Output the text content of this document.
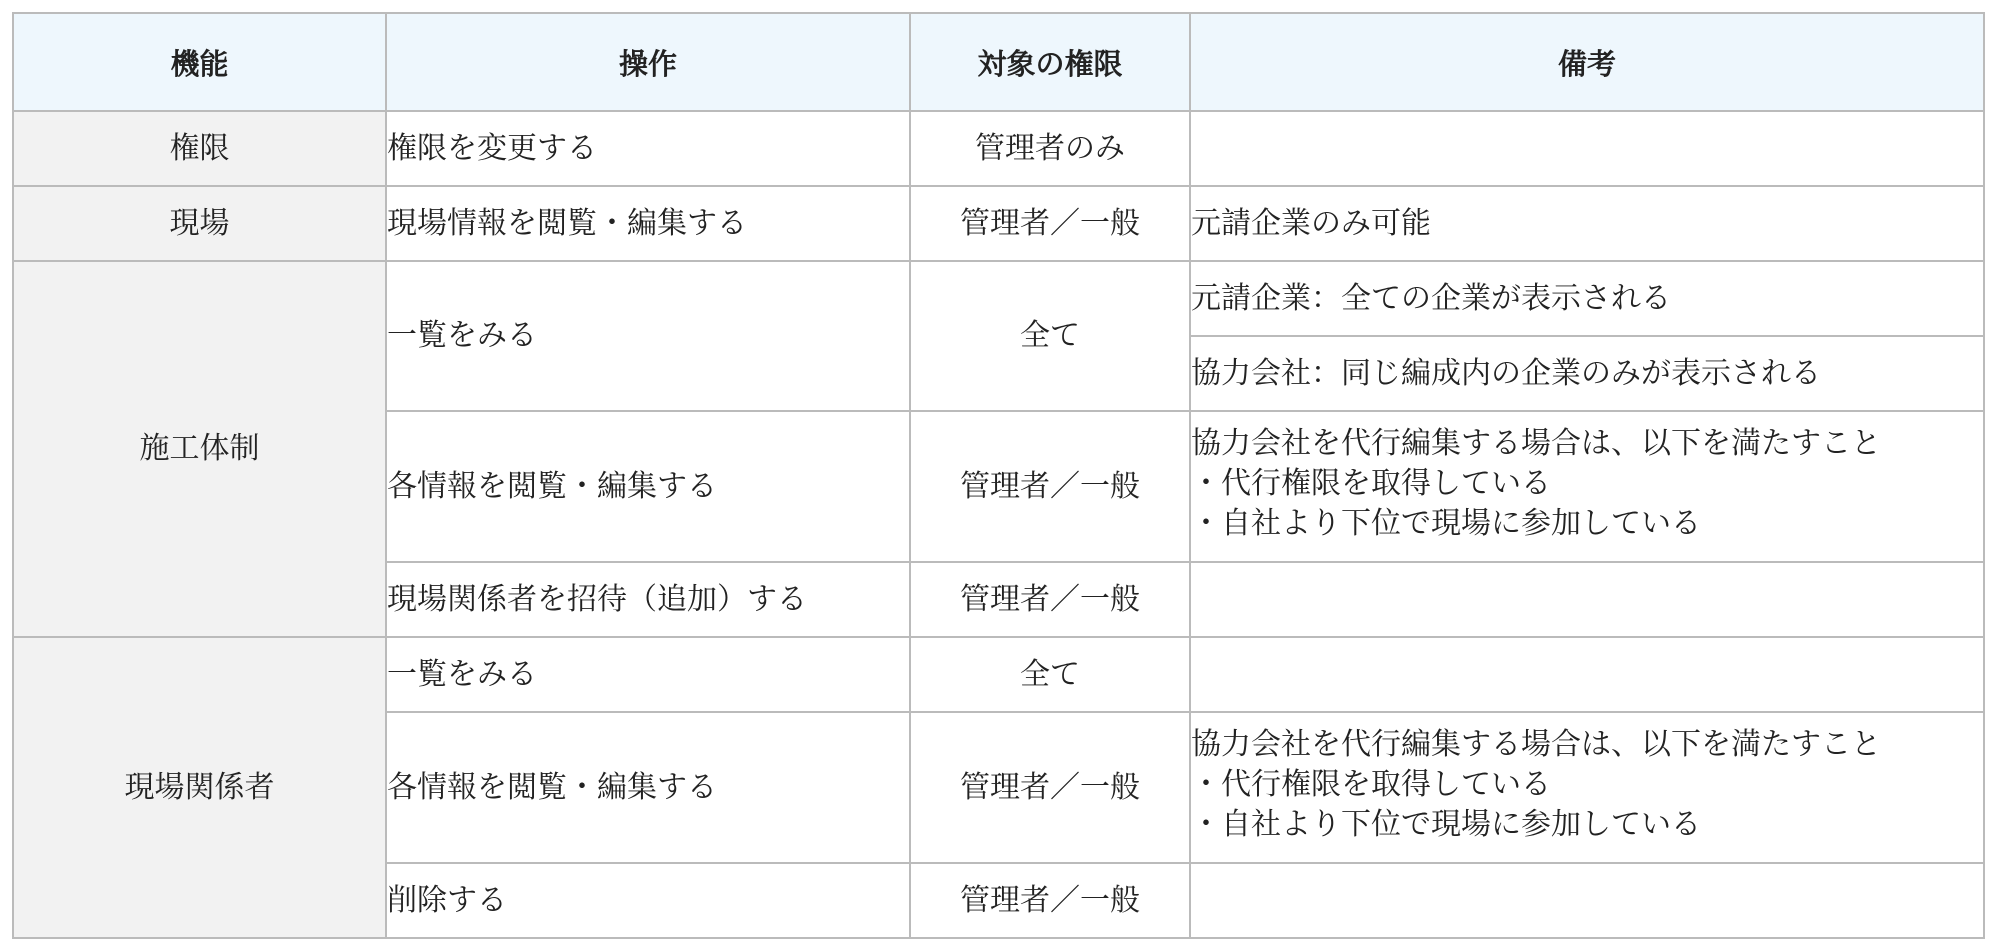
機能	操作	対象の権限	備考
権限	権限を変更する	管理者のみ	
現場	現場情報を閲覧・編集する	管理者／一般	元請企業のみ可能
施工体制	一覧をみる	全て	元請企業：全ての企業が表示される
			協力会社：同じ編成内の企業のみが表示される
	各情報を閲覧・編集する	管理者／一般	協力会社を代行編集する場合は、以下を満たすこと
・代行権限を取得している
・自社より下位で現場に参加している

	現場関係者を招待（追加）する	管理者／一般	

現場関係者	一覧をみる	全て	
	各情報を閲覧・編集する	管理者／一般	協力会社を代行編集する場合は、以下を満たすこと
・代行権限を取得している
・自社より下位で現場に参加している

	削除する	管理者／一般	
